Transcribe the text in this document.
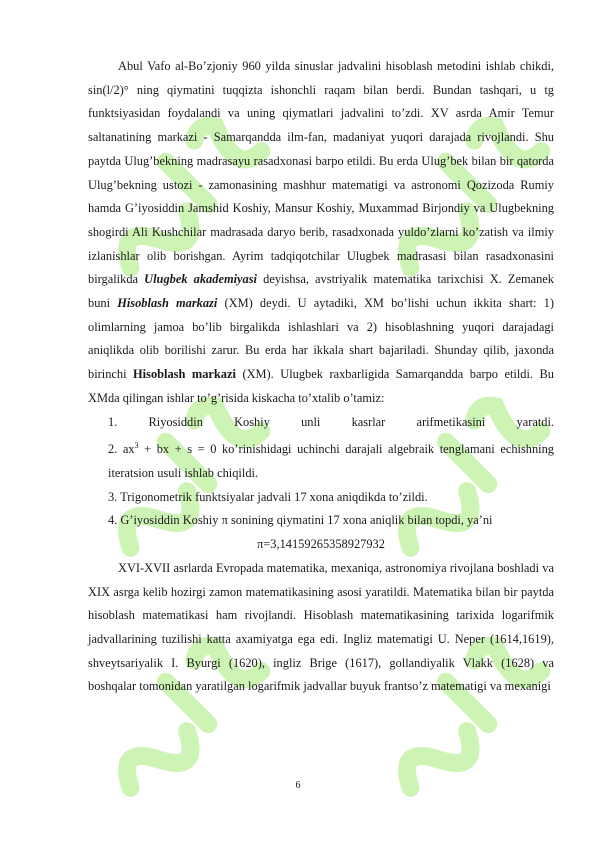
Abul Vafo al-Bo’zjoniy 960 yilda sinuslar jadvalini hisoblash metodini ishlab chikdi, sin(l/2)° ning qiymatini tuqqizta ishonchli raqam bilan berdi. Bundan tashqari, u tg funktsiyasidan foydalandi va uning qiymatlari jadvalini to’zdi. XV asrda Amir Temur saltanatining markazi - Samarqandda ilm-fan, madaniyat yuqori darajada rivojlandi. Shu paytda Ulug’bekning madrasayu rasadxonasi barpo etildi. Bu erda Ulug’bek bilan bir qatorda Ulug’bekning ustozi - zamonasining mashhur matematigi va astronomi Qozizoda Rumiy hamda G’iyosiddin Jamshid Koshiy, Mansur Koshiy, Muxammad Birjondiy va Ulugbekning shogirdi Ali Kushchilar madrasada daryo berib, rasadxonada yuldo’zlarni ko’zatish va ilmiy izlanishlar olib borishgan. Ayrim tadqiqotchilar Ulugbek madrasasi bilan rasadxonasini birgalikda Ulugbek akademiyasi deyishsa, avstriyalik matematika tarixchisi X. Zemanek buni Hisoblash markazi (XM) deydi. U aytadiki, XM bo’lishi uchun ikkita shart: 1) olimlarning jamoa bo’lib birgalikda ishlashlari va 2) hisoblashning yuqori darajadagi aniqlikda olib borilishi zarur. Bu erda har ikkala shart bajariladi. Shunday qilib, jaxonda birinchi Hisoblash markazi (XM). Ulugbek raxbarligida Samarqandda barpo etildi. Bu XMda qilingan ishlar to’g’risida kiskacha to’xtalib o’tamiz:

1. Riyosiddin Koshiy unli kasrlar arifmetikasini yaratdi.

2. $ax^3$ + bx + s = 0 ko’rinishidagi uchinchi darajali algebraik tenglamani echishning iteratsion usuli ishlab chiqildi.

3. Trigonometrik funktsiyalar jadvali 17 xona aniqdikda to’zildi.

4. G’iyosiddin Koshiy π sonining qiymatini 17 xona aniqlik bilan topdi, ya’ni

π=3,14159265358927932

XVI-XVII asrlarda Evropada matematika, mexaniqa, astronomiya rivojlana boshladi va XIX asrga kelib hozirgi zamon matematikasining asosi yaratildi. Matematika bilan bir paytda hisoblash matematikasi ham rivojlandi. Hisoblash matematikasining tarixida logarifmik jadvallarining tuzilishi katta axamiyatga ega edi. Ingliz matematigi U. Neper (1614,1619), shveytsariyalik I. Byurgi (1620), ingliz Brige (1617), gollandiyalik Vlakk (1628) va boshqalar tomonidan yaratilgan logarifmik jadvallar buyuk frantso’z matematigi va mexanigi

6
